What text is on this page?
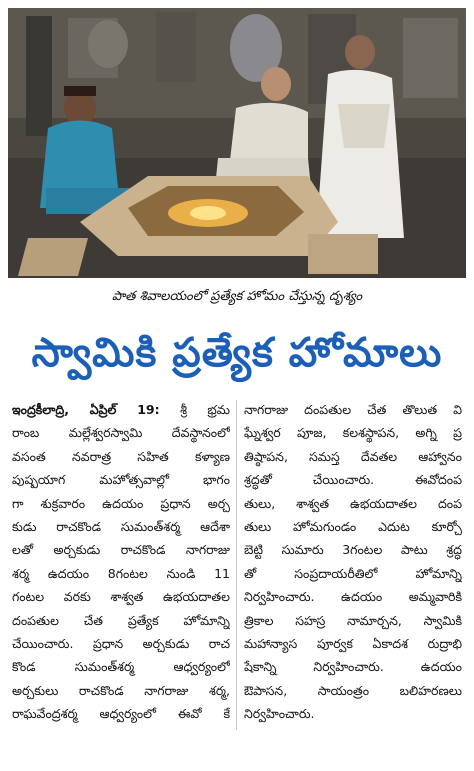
పాత శివాలయంలో ప్రత్యేక హోమం చేస్తున్న దృశ్యం
స్వామికి ప్రత్యేక హోమాలు
ఇంద్రకీలాద్రి, ఏప్రిల్ 19: శ్రీ భ్రమ
రాంబ మల్లేశ్వరస్వామి దేవస్థానంలో
వసంత నవరాత్ర సహిత కళ్యాణ
పుష్పయాగ మహోత్సవాల్లో భాగం
గా శుక్రవారం ఉదయం ప్రధాన అర్చ
కుడు రాచకొండ సుమంత్‌శర్మ ఆదేశా
లతో అర్చకుడు రాచకొండ నాగరాజు
శర్మ ఉదయం 8గంటల నుండి 11
గంటల వరకు శాశ్వత ఉభయదాతల
దంపతుల చేత ప్రత్యేక హోమాన్ని
చేయించారు. ప్రధాన అర్చకుడు రాచ
కొండ సుమంత్‌శర్మ ఆధ్వర్యంలో
అర్చకులు రాచకొండ నాగరాజు శర్మ,
రాఘవేంద్రశర్మ ఆధ్వర్యంలో ఈవో కే
నాగరాజు దంపతుల చేత తొలుత వి
ఘ్నేశ్వర పూజ, కలశస్థాపన, అగ్ని ప్ర
తిష్ఠాపన, సమస్త దేవతల ఆహ్వానం
శ్రద్ధతో చేయించారు. ఈవోదంప
తులు, శాశ్వత ఉభయదాతల దంప
తులు హోమగుండం ఎదుట కూర్చో
బెట్టి సుమారు 3గంటల పాటు శ్రద్ధ
తో సంప్రదాయరీతిలో హోమాన్ని
నిర్వహించారు. ఉదయం అమ్మవారికి
త్రికాల సహస్ర నామార్చన, స్వామికి
మహాన్యాస పూర్వక ఏకాదశ రుద్రాభి
షేకాన్ని నిర్వహించారు. ఉదయం
ఔపాసన, సాయంత్రం బలిహరణలు
నిర్వహించారు.
